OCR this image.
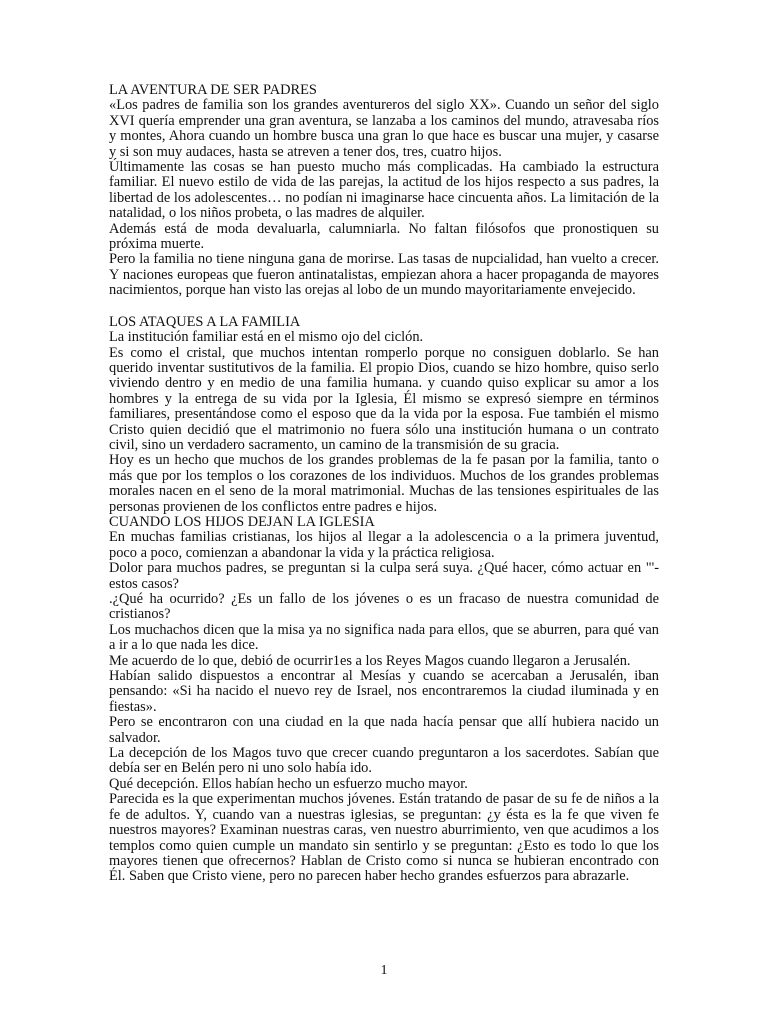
LA AVENTURA DE SER PADRES

«Los padres de familia son los grandes aventureros del siglo XX». Cuando un señor del siglo XVI quería emprender una gran aventura, se lanzaba a los caminos del mundo, atravesaba ríos y montes, Ahora cuando un hombre busca una gran lo que hace es buscar una mujer, y casarse y si son muy audaces, hasta se atreven a tener dos, tres, cuatro hijos.

Últimamente las cosas se han puesto mucho más complicadas. Ha cambiado la estructura familiar. El nuevo estilo de vida de las parejas, la actitud de los hijos respecto a sus padres, la libertad de los adolescentes… no podían ni imaginarse hace cincuenta años. La limitación de la natalidad, o los niños probeta, o las madres de alquiler.

Además está de moda devaluarla, calumniarla. No faltan filósofos que pronostiquen su próxima muerte.

Pero la familia no tiene ninguna gana de morirse. Las tasas de nupcialidad, han vuelto a crecer. Y naciones europeas que fueron antinatalistas, empiezan ahora a hacer propaganda de mayores nacimientos, porque han visto las orejas al lobo de un mundo mayoritariamente envejecido.

LOS ATAQUES A LA FAMILIA

La institución familiar está en el mismo ojo del ciclón.

Es como el cristal, que muchos intentan romperlo porque no consiguen doblarlo. Se han querido inventar sustitutivos de la familia. El propio Dios, cuando se hizo hombre, quiso serlo viviendo dentro y en medio de una familia humana. y cuando quiso explicar su amor a los hombres y la entrega de su vida por la Iglesia, Él mismo se expresó siempre en términos familiares, presentándose como el esposo que da la vida por la esposa. Fue también el mismo Cristo quien decidió que el matrimonio no fuera sólo una institución humana o un contrato civil, sino un verdadero sacramento, un camino de la transmisión de su gracia.

Hoy es un hecho que muchos de los grandes problemas de la fe pasan por la familia, tanto o más que por los templos o los corazones de los individuos. Muchos de los grandes problemas morales nacen en el seno de la moral matrimonial. Muchas de las tensiones espirituales de las personas provienen de los conflictos entre padres e hijos.

CUANDO LOS HIJOS DEJAN LA IGLESIA

En muchas familias cristianas, los hijos al llegar a la adolescencia o a la primera juventud, poco a poco, comienzan a abandonar la vida y la práctica religiosa.

Dolor para muchos padres, se preguntan si la culpa será suya. ¿Qué hacer, cómo actuar en "'-estos casos?

.¿Qué ha ocurrido? ¿Es un fallo de los jóvenes o es un fracaso de nuestra comunidad de cristianos?

Los muchachos dicen que la misa ya no significa nada para ellos, que se aburren, para qué van a ir a lo que nada les dice.

Me acuerdo de lo que, debió de ocurrir1es a los Reyes Magos cuando llegaron a Jerusalén.

Habían salido dispuestos a encontrar al Mesías y cuando se acercaban a Jerusalén, iban pensando: «Si ha nacido el nuevo rey de Israel, nos encontraremos la ciudad iluminada y en fiestas».

Pero se encontraron con una ciudad en la que nada hacía pensar que allí hubiera nacido un salvador.

La decepción de los Magos tuvo que crecer cuando preguntaron a los sacerdotes. Sabían que debía ser en Belén pero ni uno solo había ido.

Qué decepción. Ellos habían hecho un esfuerzo mucho mayor.

Parecida es la que experimentan muchos jóvenes. Están tratando de pasar de su fe de niños a la fe de adultos. Y, cuando van a nuestras iglesias, se preguntan: ¿y ésta es la fe que viven fe nuestros mayores? Examinan nuestras caras, ven nuestro aburrimiento, ven que acudimos a los templos como quien cumple un mandato sin sentirlo y se preguntan: ¿Esto es todo lo que los mayores tienen que ofrecernos? Hablan de Cristo como si nunca se hubieran encontrado con Él. Saben que Cristo viene, pero no parecen haber hecho grandes esfuerzos para abrazarle.

1
